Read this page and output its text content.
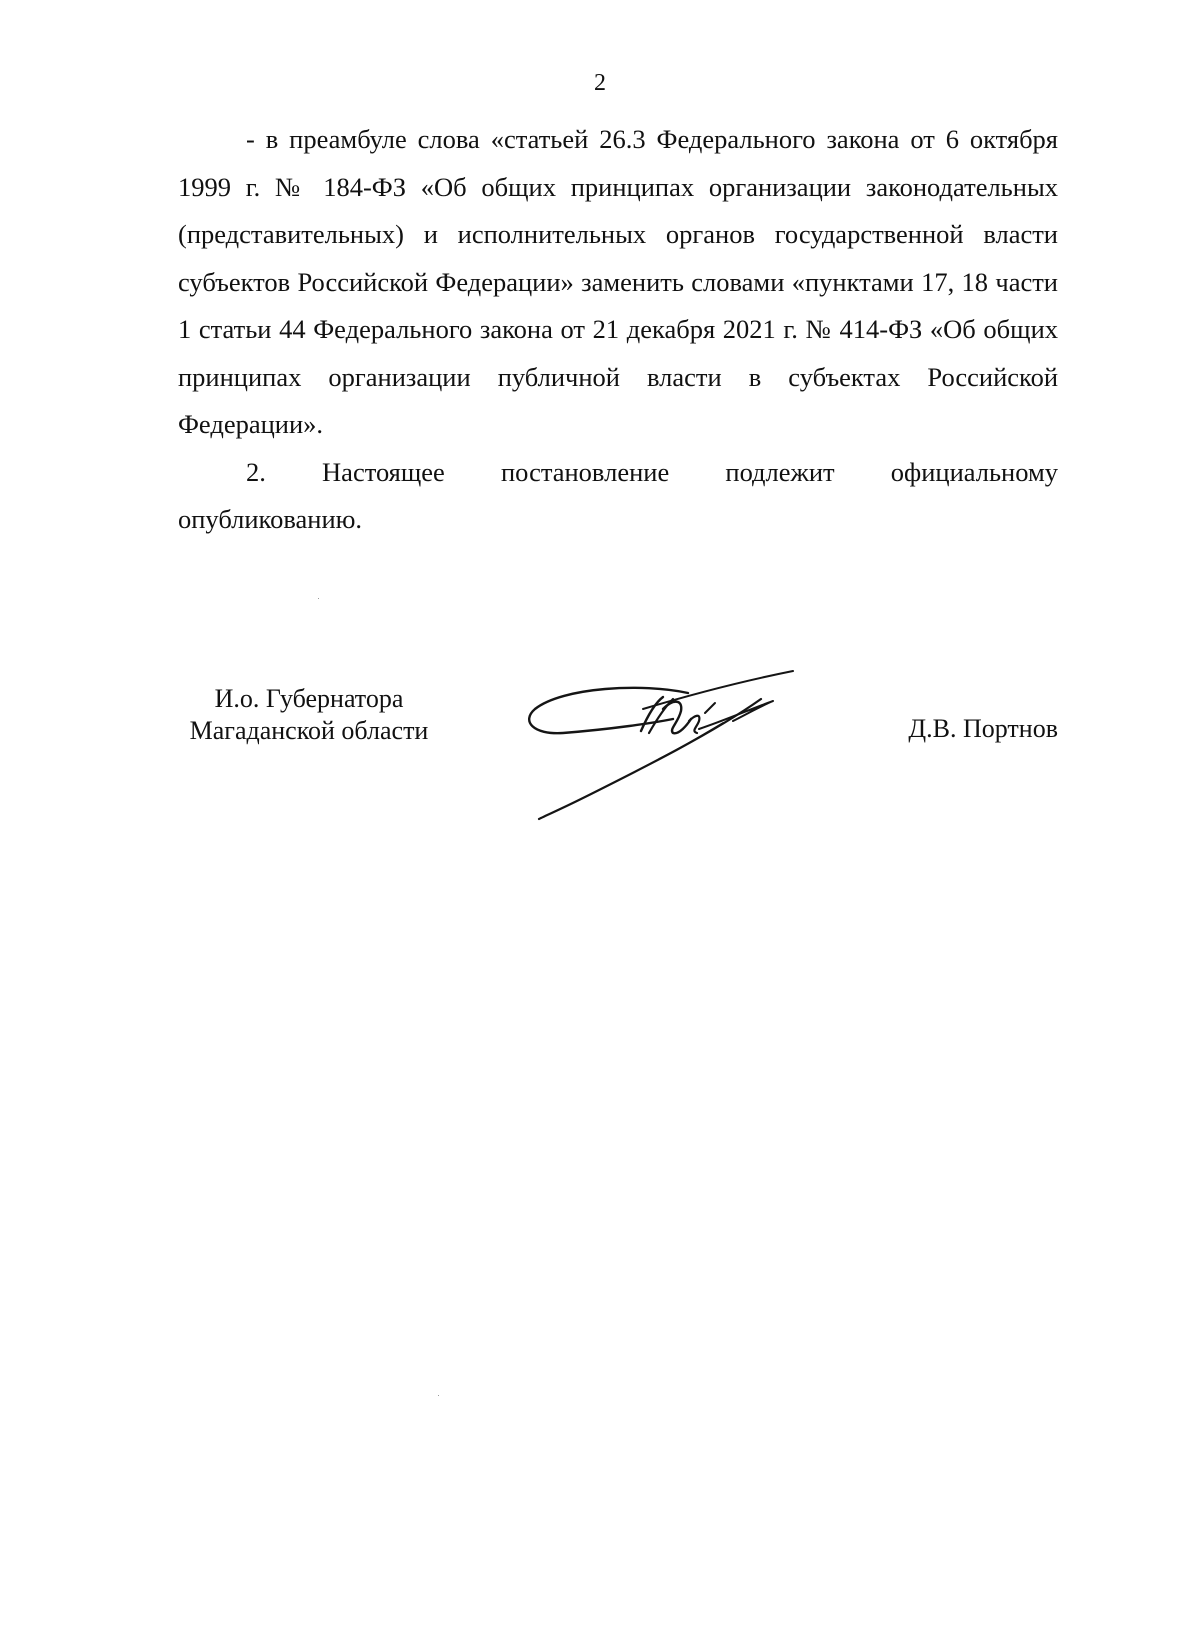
2

- в преамбуле слова «статьей 26.3 Федерального закона от 6 октября 1999 г. № 184-ФЗ «Об общих принципах организации законодательных (представительных) и исполнительных органов государственной власти субъектов Российской Федерации» заменить словами «пунктами 17, 18 части 1 статьи 44 Федерального закона от 21 декабря 2021 г. № 414-ФЗ «Об общих принципах организации публичной власти в субъектах Российской Федерации».

2. Настоящее постановление подлежит официальному
опубликованию.
И.о. Губернатора
Магаданской области	Д.В. Портнов
